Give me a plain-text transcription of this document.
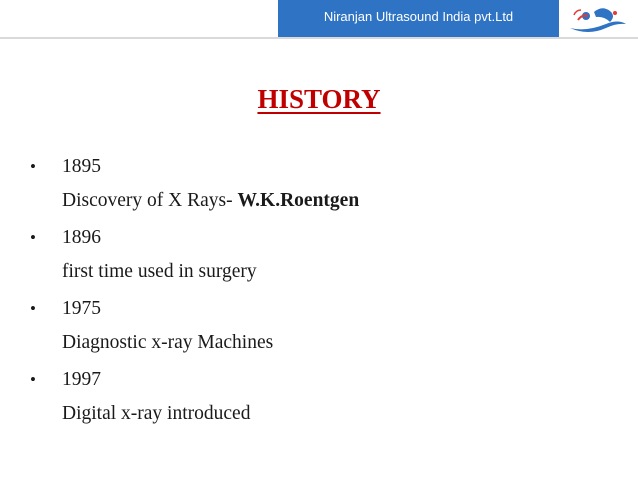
Niranjan Ultrasound India pvt.Ltd
HISTORY
•	1895
Discovery of X Rays- W.K.Roentgen
•	1896
first time used in surgery
•	1975
Diagnostic x-ray Machines
•	1997
Digital x-ray introduced
